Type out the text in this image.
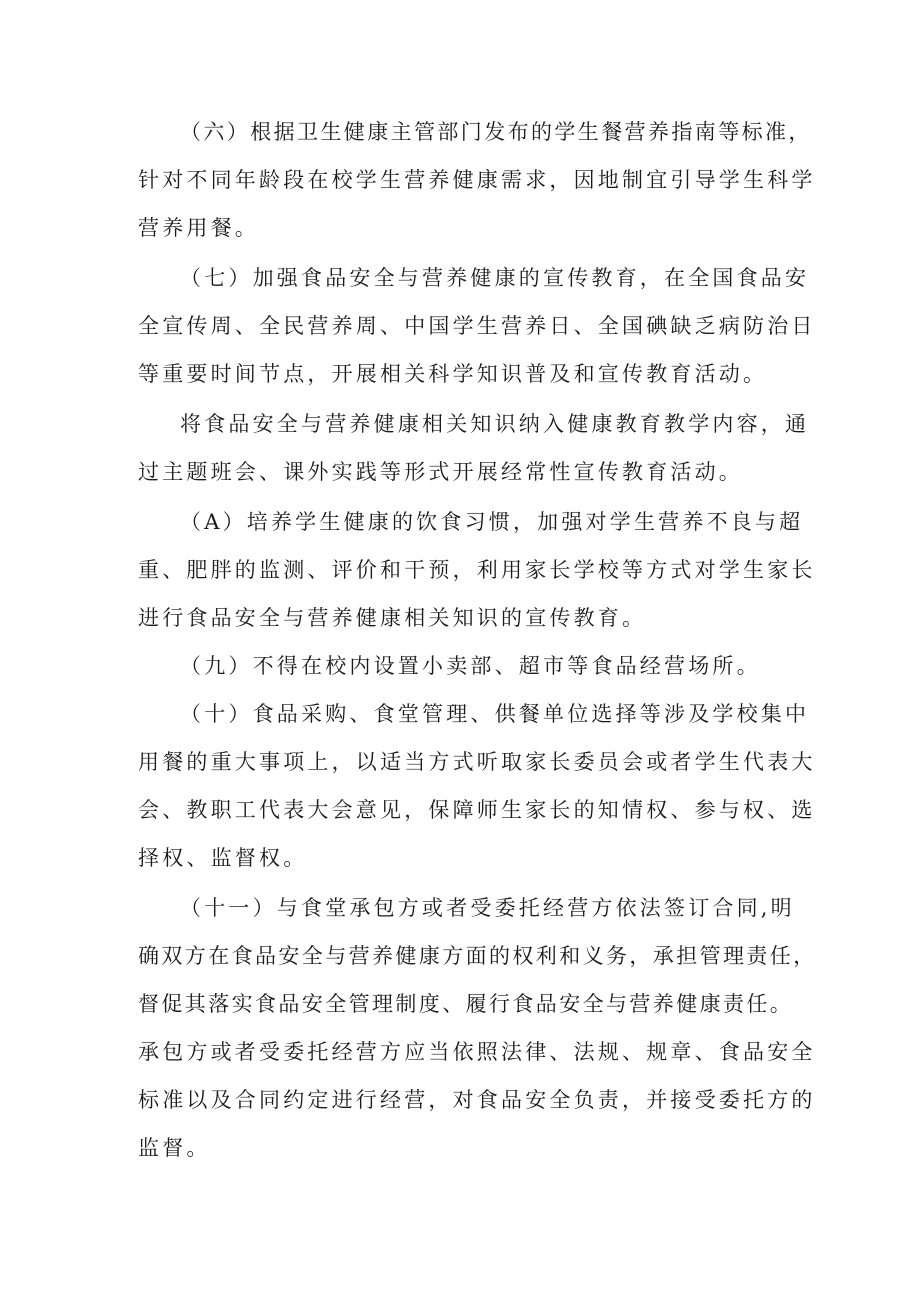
（六）根据卫生健康主管部门发布的学生餐营养指南等标准，
针对不同年龄段在校学生营养健康需求，因地制宜引导学生科学
营养用餐。
（七）加强食品安全与营养健康的宣传教育，在全国食品安
全宣传周、全民营养周、中国学生营养日、全国碘缺乏病防治日
等重要时间节点，开展相关科学知识普及和宣传教育活动。
将食品安全与营养健康相关知识纳入健康教育教学内容，通
过主题班会、课外实践等形式开展经常性宣传教育活动。
（A）培养学生健康的饮食习惯，加强对学生营养不良与超
重、肥胖的监测、评价和干预，利用家长学校等方式对学生家长
进行食品安全与营养健康相关知识的宣传教育。
（九）不得在校内设置小卖部、超市等食品经营场所。
（十）食品采购、食堂管理、供餐单位选择等涉及学校集中
用餐的重大事项上，以适当方式听取家长委员会或者学生代表大
会、教职工代表大会意见，保障师生家长的知情权、参与权、选
择权、监督权。
（十一）与食堂承包方或者受委托经营方依法签订合同,明
确双方在食品安全与营养健康方面的权利和义务，承担管理责任，
督促其落实食品安全管理制度、履行食品安全与营养健康责任。
承包方或者受委托经营方应当依照法律、法规、规章、食品安全
标准以及合同约定进行经营，对食品安全负责，并接受委托方的
监督。
